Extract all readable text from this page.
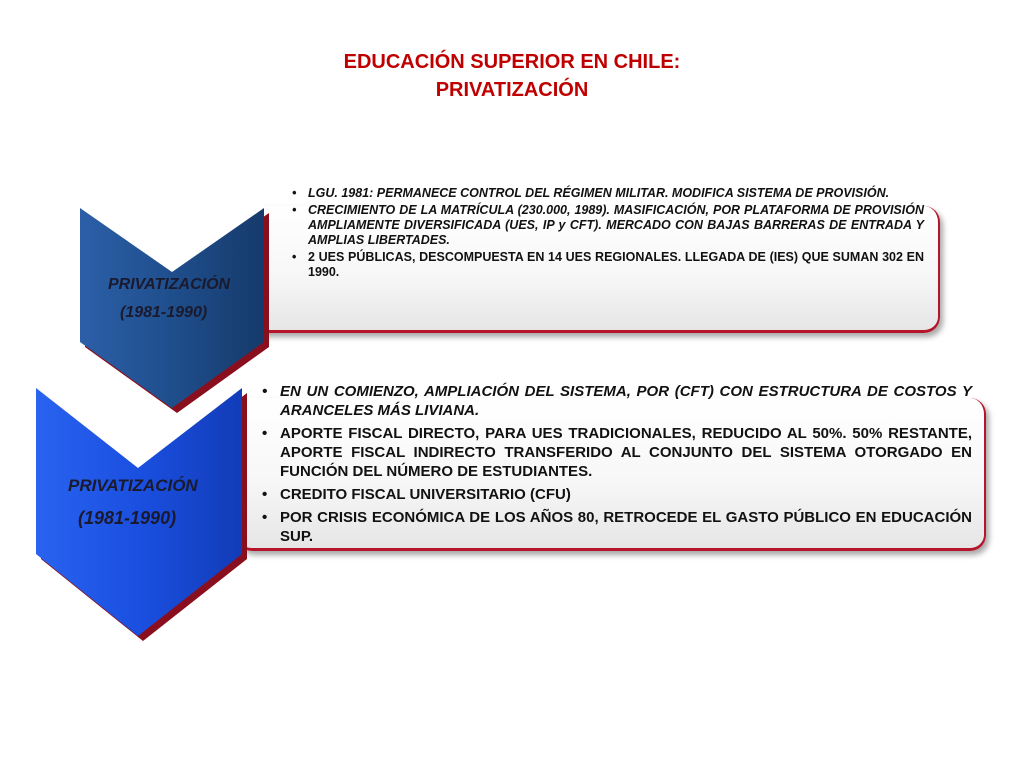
EDUCACIÓN SUPERIOR EN CHILE:
PRIVATIZACIÓN
PRIVATIZACIÓN
(1981-1990)
• LGU. 1981: PERMANECE CONTROL DEL RÉGIMEN MILITAR. MODIFICA SISTEMA DE PROVISIÓN.
• CRECIMIENTO DE LA MATRÍCULA (230.000, 1989). MASIFICACIÓN, POR PLATAFORMA DE PROVISIÓN AMPLIAMENTE DIVERSIFICADA (UES, IP y CFT). MERCADO CON BAJAS BARRERAS DE ENTRADA Y AMPLIAS LIBERTADES.
• 2 UES PÚBLICAS, DESCOMPUESTA EN 14 UES REGIONALES. LLEGADA DE (IES) QUE SUMAN 302 EN 1990.
PRIVATIZACIÓN
(1981-1990)
• EN UN COMIENZO, AMPLIACIÓN DEL SISTEMA, POR (CFT) CON ESTRUCTURA DE COSTOS Y ARANCELES MÁS LIVIANA.
• APORTE FISCAL DIRECTO, PARA UES TRADICIONALES, REDUCIDO AL 50%. 50% RESTANTE, APORTE FISCAL INDIRECTO TRANSFERIDO AL CONJUNTO DEL SISTEMA OTORGADO EN FUNCIÓN DEL NÚMERO DE ESTUDIANTES.
• CREDITO FISCAL UNIVERSITARIO (CFU)
• POR CRISIS ECONÓMICA DE LOS AÑOS 80, RETROCEDE EL GASTO PÚBLICO EN EDUCACIÓN SUP.
